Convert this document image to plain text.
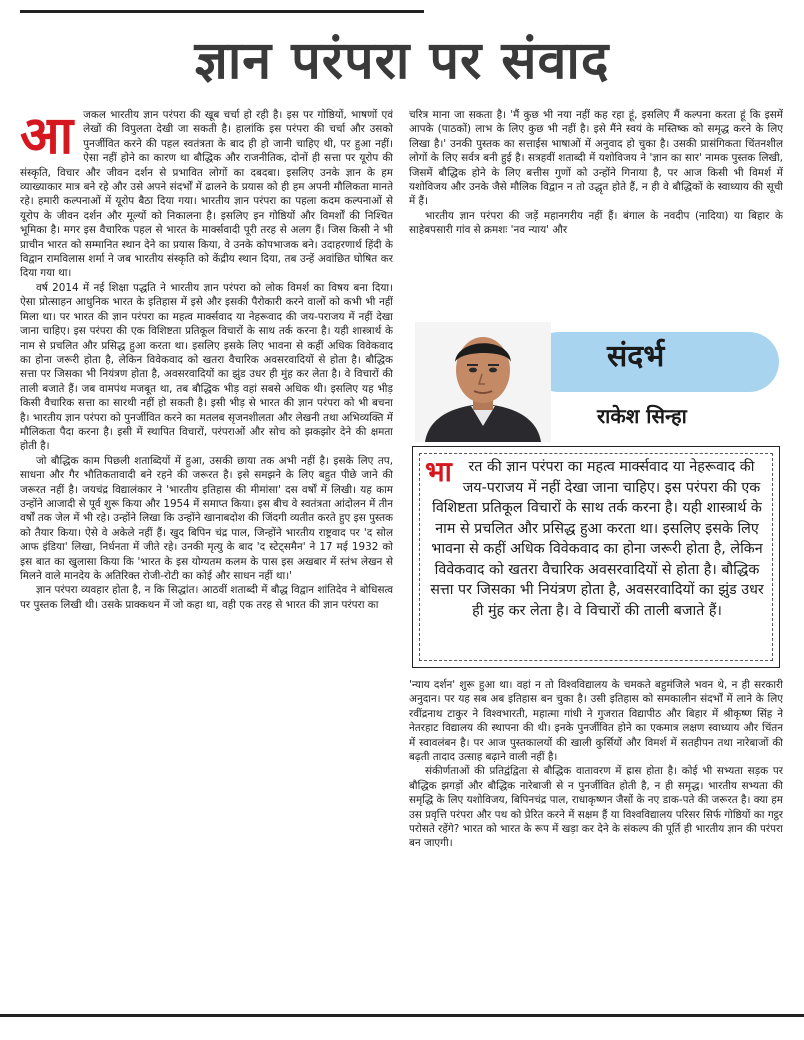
ज्ञान परंपरा पर संवाद
आ जकल भारतीय ज्ञान परंपरा की खूब चर्चा हो रही है। इस पर गोष्ठियों, भाषणों एवं लेखों की विपुलता देखी जा सकती है। हालांकि इस परंपरा की चर्चा और उसको पुनर्जीवित करने की पहल स्वतंत्रता के बाद ही हो जानी चाहिए थी, पर हुआ नहीं। ऐसा नहीं होने का कारण था बौद्धिक और राजनीतिक, दोनों ही सत्ता पर यूरोप की संस्कृति, विचार और जीवन दर्शन से प्रभावित लोगों का दबदबा। इसलिए उनके ज्ञान के हम व्याख्याकार मात्र बने रहे और उसे अपने संदर्भों में ढालने के प्रयास को ही हम अपनी मौलिकता मानते रहे। हमारी कल्पनाओं में यूरोप बैठा दिया गया। भारतीय ज्ञान परंपरा का पहला कदम कल्पनाओं से यूरोप के जीवन दर्शन और मूल्यों को निकालना है। इसलिए इन गोष्ठियों और विमर्शों की निश्चित भूमिका है। मगर इस वैचारिक पहल से भारत के मार्क्सवादी पूरी तरह से अलग हैं। जिस किसी ने भी प्राचीन भारत को सम्मानित स्थान देने का प्रयास किया, वे उनके कोपभाजक बने। उदाहरणार्थ हिंदी के विद्वान रामविलास शर्मा ने जब भारतीय संस्कृति को केंद्रीय स्थान दिया, तब उन्हें अवांछित घोषित कर दिया गया था।

वर्ष 2014 में नई शिक्षा पद्धति ने भारतीय ज्ञान परंपरा को लोक विमर्श का विषय बना दिया। ऐसा प्रोत्साहन आधुनिक भारत के इतिहास में इसे और इसकी पैरोकारी करने वालों को कभी भी नहीं मिला था। पर भारत की ज्ञान परंपरा का महत्व मार्क्सवाद या नेहरूवाद की जय-पराजय में नहीं देखा जाना चाहिए। इस परंपरा की एक विशिष्टता प्रतिकूल विचारों के साथ तर्क करना है। यही शास्त्रार्थ के नाम से प्रचलित और प्रसिद्ध हुआ करता था। इसलिए इसके लिए भावना से कहीं अधिक विवेकवाद का होना जरूरी होता है, लेकिन विवेकवाद को खतरा वैचारिक अवसरवादियों से होता है। बौद्धिक सत्ता पर जिसका भी नियंत्रण होता है, अवसरवादियों का झुंड उधर ही मुंह कर लेता है। वे विचारों की ताली बजाते हैं। जब वामपंथ मजबूत था, तब बौद्धिक भीड़ वहां सबसे अधिक थी। इसलिए यह भीड़ किसी वैचारिक सत्ता का सारथी नहीं हो सकती है। इसी भीड़ से भारत की ज्ञान परंपरा को भी बचना है। भारतीय ज्ञान परंपरा को पुनर्जीवित करने का मतलब सृजनशीलता और लेखनी तथा अभिव्यक्ति में मौलिकता पैदा करना है। इसी में स्थापित विचारों, परंपराओं और सोच को झकझोर देने की क्षमता होती है।

जो बौद्धिक काम पिछली शताब्दियों में हुआ, उसकी छाया तक अभी नहीं है। इसके लिए तप, साधना और गैर भौतिकतावादी बने रहने की जरूरत है। इसे समझने के लिए बहुत पीछे जाने की जरूरत नहीं है। जयचंद्र विद्यालंकार ने 'भारतीय इतिहास की मीमांसा' दस वर्षों में लिखी। यह काम उन्होंने आजादी से पूर्व शुरू किया और 1954 में समाप्त किया। इस बीच वे स्वतंत्रता आंदोलन में तीन वर्षों तक जेल में भी रहे। उन्होंने लिखा कि उन्होंने खानाबदोश की जिंदगी व्यतीत करते हुए इस पुस्तक को तैयार किया। ऐसे वे अकेले नहीं हैं। खुद बिपिन चंद्र पाल, जिन्होंने भारतीय राष्ट्रवाद पर 'द सोल आफ इंडिया' लिखा, निर्धनता में जीते रहे। उनकी मृत्यु के बाद 'द स्टेट्समैन' ने 17 मई 1932 को इस बात का खुलासा किया कि 'भारत के इस योग्यतम कलम के पास इस अखबार में स्तंभ लेखन से मिलने वाले मानदेय के अतिरिक्त रोजी-रोटी का कोई और साधन नहीं था।'

ज्ञान परंपरा व्यवहार होता है, न कि सिद्धांत। आठवीं शताब्दी में बौद्ध विद्वान शांतिदेव ने बोधिसत्व पर पुस्तक लिखी थी। उसके प्राक्कथन में जो कहा था, वही एक तरह से भारत की ज्ञान परंपरा का

चरित्र माना जा सकता है। 'मैं कुछ भी नया नहीं कह रहा हूं, इसलिए मैं कल्पना करता हूं कि इसमें आपके (पाठकों) लाभ के लिए कुछ भी नहीं है। इसे मैंने स्वयं के मस्तिष्क को समृद्ध करने के लिए लिखा है।' उनकी पुस्तक का सत्ताईस भाषाओं में अनुवाद हो चुका है। उसकी प्रासंगिकता चिंतनशील लोगों के लिए सर्वत्र बनी हुई है। सत्रहवीं शताब्दी में यशोविजय ने 'ज्ञान का सार' नामक पुस्तक लिखी, जिसमें बौद्धिक होने के लिए बत्तीस गुणों को उन्होंने गिनाया है, पर आज किसी भी विमर्श में यशोविजय और उनके जैसे मौलिक विद्वान न तो उद्धृत होते हैं, न ही वे बौद्धिकों के स्वाध्याय की सूची में हैं।

भारतीय ज्ञान परंपरा की जड़ें महानगरीय नहीं हैं। बंगाल के नवदीप (नादिया) या बिहार के साहेबपसारी गांव से क्रमशः 'नव न्याय' और

संदर्भ
राकेश सिन्हा
भा रत की ज्ञान परंपरा का महत्व मार्क्सवाद या नेहरूवाद की जय-पराजय में नहीं देखा जाना चाहिए। इस परंपरा की एक विशिष्टता प्रतिकूल विचारों के साथ तर्क करना है। यही शास्त्रार्थ के नाम से प्रचलित और प्रसिद्ध हुआ करता था। इसलिए इसके लिए भावना से कहीं अधिक विवेकवाद का होना जरूरी होता है, लेकिन विवेकवाद को खतरा वैचारिक अवसरवादियों से होता है। बौद्धिक सत्ता पर जिसका भी नियंत्रण होता है, अवसरवादियों का झुंड उधर ही मुंह कर लेता है। वे विचारों की ताली बजाते हैं।

'न्याय दर्शन' शुरू हुआ था। वहां न तो विश्वविद्यालय के चमकते बहुमंजिले भवन थे, न ही सरकारी अनुदान। पर यह सब अब इतिहास बन चुका है। उसी इतिहास को समकालीन संदर्भों में लाने के लिए रवींद्रनाथ टाकुर ने विश्वभारती, महात्मा गांधी ने गुजरात विद्यापीठ और बिहार में श्रीकृष्ण सिंह ने नेतरहाट विद्यालय की स्थापना की थी। इनके पुनर्जीवित होने का एकमात्र लक्षण स्वाध्याय और चिंतन में स्वावलंबन है। पर आज पुस्तकालयों की खाली कुर्सियों और विमर्श में सतहीपन तथा नारेबाजों की बढ़ती तादाद उत्साह बढ़ाने वाली नहीं है।

संकीर्णताओं की प्रतिद्वंद्विता से बौद्धिक वातावरण में ह्रास होता है। कोई भी सभ्यता सड़क पर बौद्धिक झगड़ों और बौद्धिक नारेबाजी से न पुनर्जीवित होती है, न ही समृद्ध। भारतीय सभ्यता की समृद्धि के लिए यशोविजय, बिपिनचंद्र पाल, राधाकृष्णन जैसों के नए डाक-पते की जरूरत है। क्या हम उस प्रवृत्ति परंपरा और पथ को प्रेरित करने में सक्षम हैं या विश्वविद्यालय परिसर सिर्फ गोष्ठियों का गट्ठर परोसते रहेंगे? भारत को भारत के रूप में खड़ा कर देने के संकल्प की पूर्ति ही भारतीय ज्ञान की परंपरा बन जाएगी।
